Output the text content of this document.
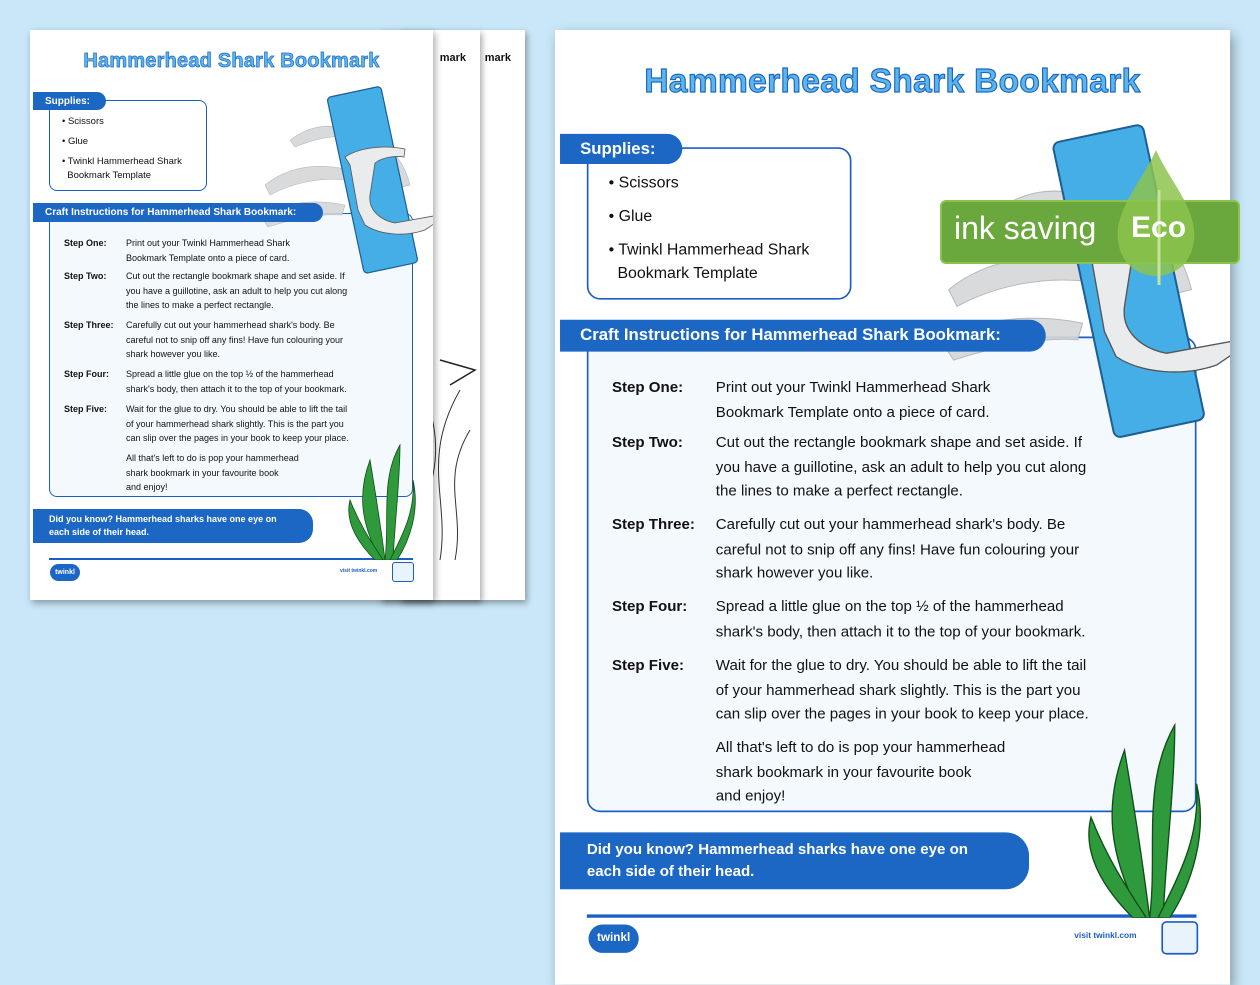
mark
mark
Hammerhead Shark Bookmark
Supplies:
• Scissors
• Glue
• Twinkl Hammerhead Shark
Bookmark Template
Craft Instructions for Hammerhead Shark Bookmark:
Step One: Print out your Twinkl Hammerhead Shark
Bookmark Template onto a piece of card.
Step Two: Cut out the rectangle bookmark shape and set aside. If
you have a guillotine, ask an adult to help you cut along
the lines to make a perfect rectangle.
Step Three: Carefully cut out your hammerhead shark's body. Be
careful not to snip off any fins! Have fun colouring your
shark however you like.
Step Four: Spread a little glue on the top ½ of the hammerhead
shark's body, then attach it to the top of your bookmark.
Step Five: Wait for the glue to dry. You should be able to lift the tail
of your hammerhead shark slightly. This is the part you
can slip over the pages in your book to keep your place.
All that's left to do is pop your hammerhead
shark bookmark in your favourite book
and enjoy!
Did you know? Hammerhead sharks have one eye on
each side of their head.
twinkl	visit twinkl.com
Hammerhead Shark Bookmark
Supplies:
• Scissors
• Glue
• Twinkl Hammerhead Shark
Bookmark Template
Craft Instructions for Hammerhead Shark Bookmark:
Step One:	Print out your Twinkl Hammerhead Shark
Bookmark Template onto a piece of card.
Step Two:	Cut out the rectangle bookmark shape and set aside. If
you have a guillotine, ask an adult to help you cut along
the lines to make a perfect rectangle.
Step Three: Carefully cut out your hammerhead shark's body. Be
careful not to snip off any fins! Have fun colouring your
shark however you like.
Step Four:	Spread a little glue on the top ½ of the hammerhead
shark's body, then attach it to the top of your bookmark.
Step Five:	Wait for the glue to dry. You should be able to lift the tail
of your hammerhead shark slightly. This is the part you
can slip over the pages in your book to keep your place.
All that's left to do is pop your hammerhead
shark bookmark in your favourite book
and enjoy!
Did you know? Hammerhead sharks have one eye on
each side of their head.
twinkl	visit twinkl.com
ink saving Eco
